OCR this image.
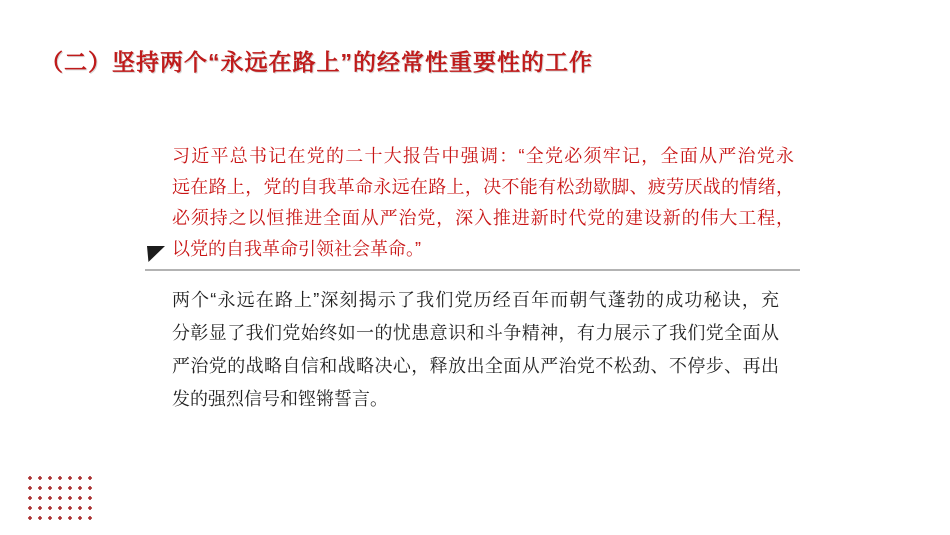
（二）坚持两个“永远在路上”的经常性重要性的工作
习近平总书记在党的二十大报告中强调：“全党必须牢记，全面从严治党永
远在路上，党的自我革命永远在路上，决不能有松劲歇脚、疲劳厌战的情绪，
必须持之以恒推进全面从严治党，深入推进新时代党的建设新的伟大工程，
以党的自我革命引领社会革命。”
两个“永远在路上”深刻揭示了我们党历经百年而朝气蓬勃的成功秘诀，充
分彰显了我们党始终如一的忧患意识和斗争精神，有力展示了我们党全面从
严治党的战略自信和战略决心，释放出全面从严治党不松劲、不停步、再出
发的强烈信号和铿锵誓言。
